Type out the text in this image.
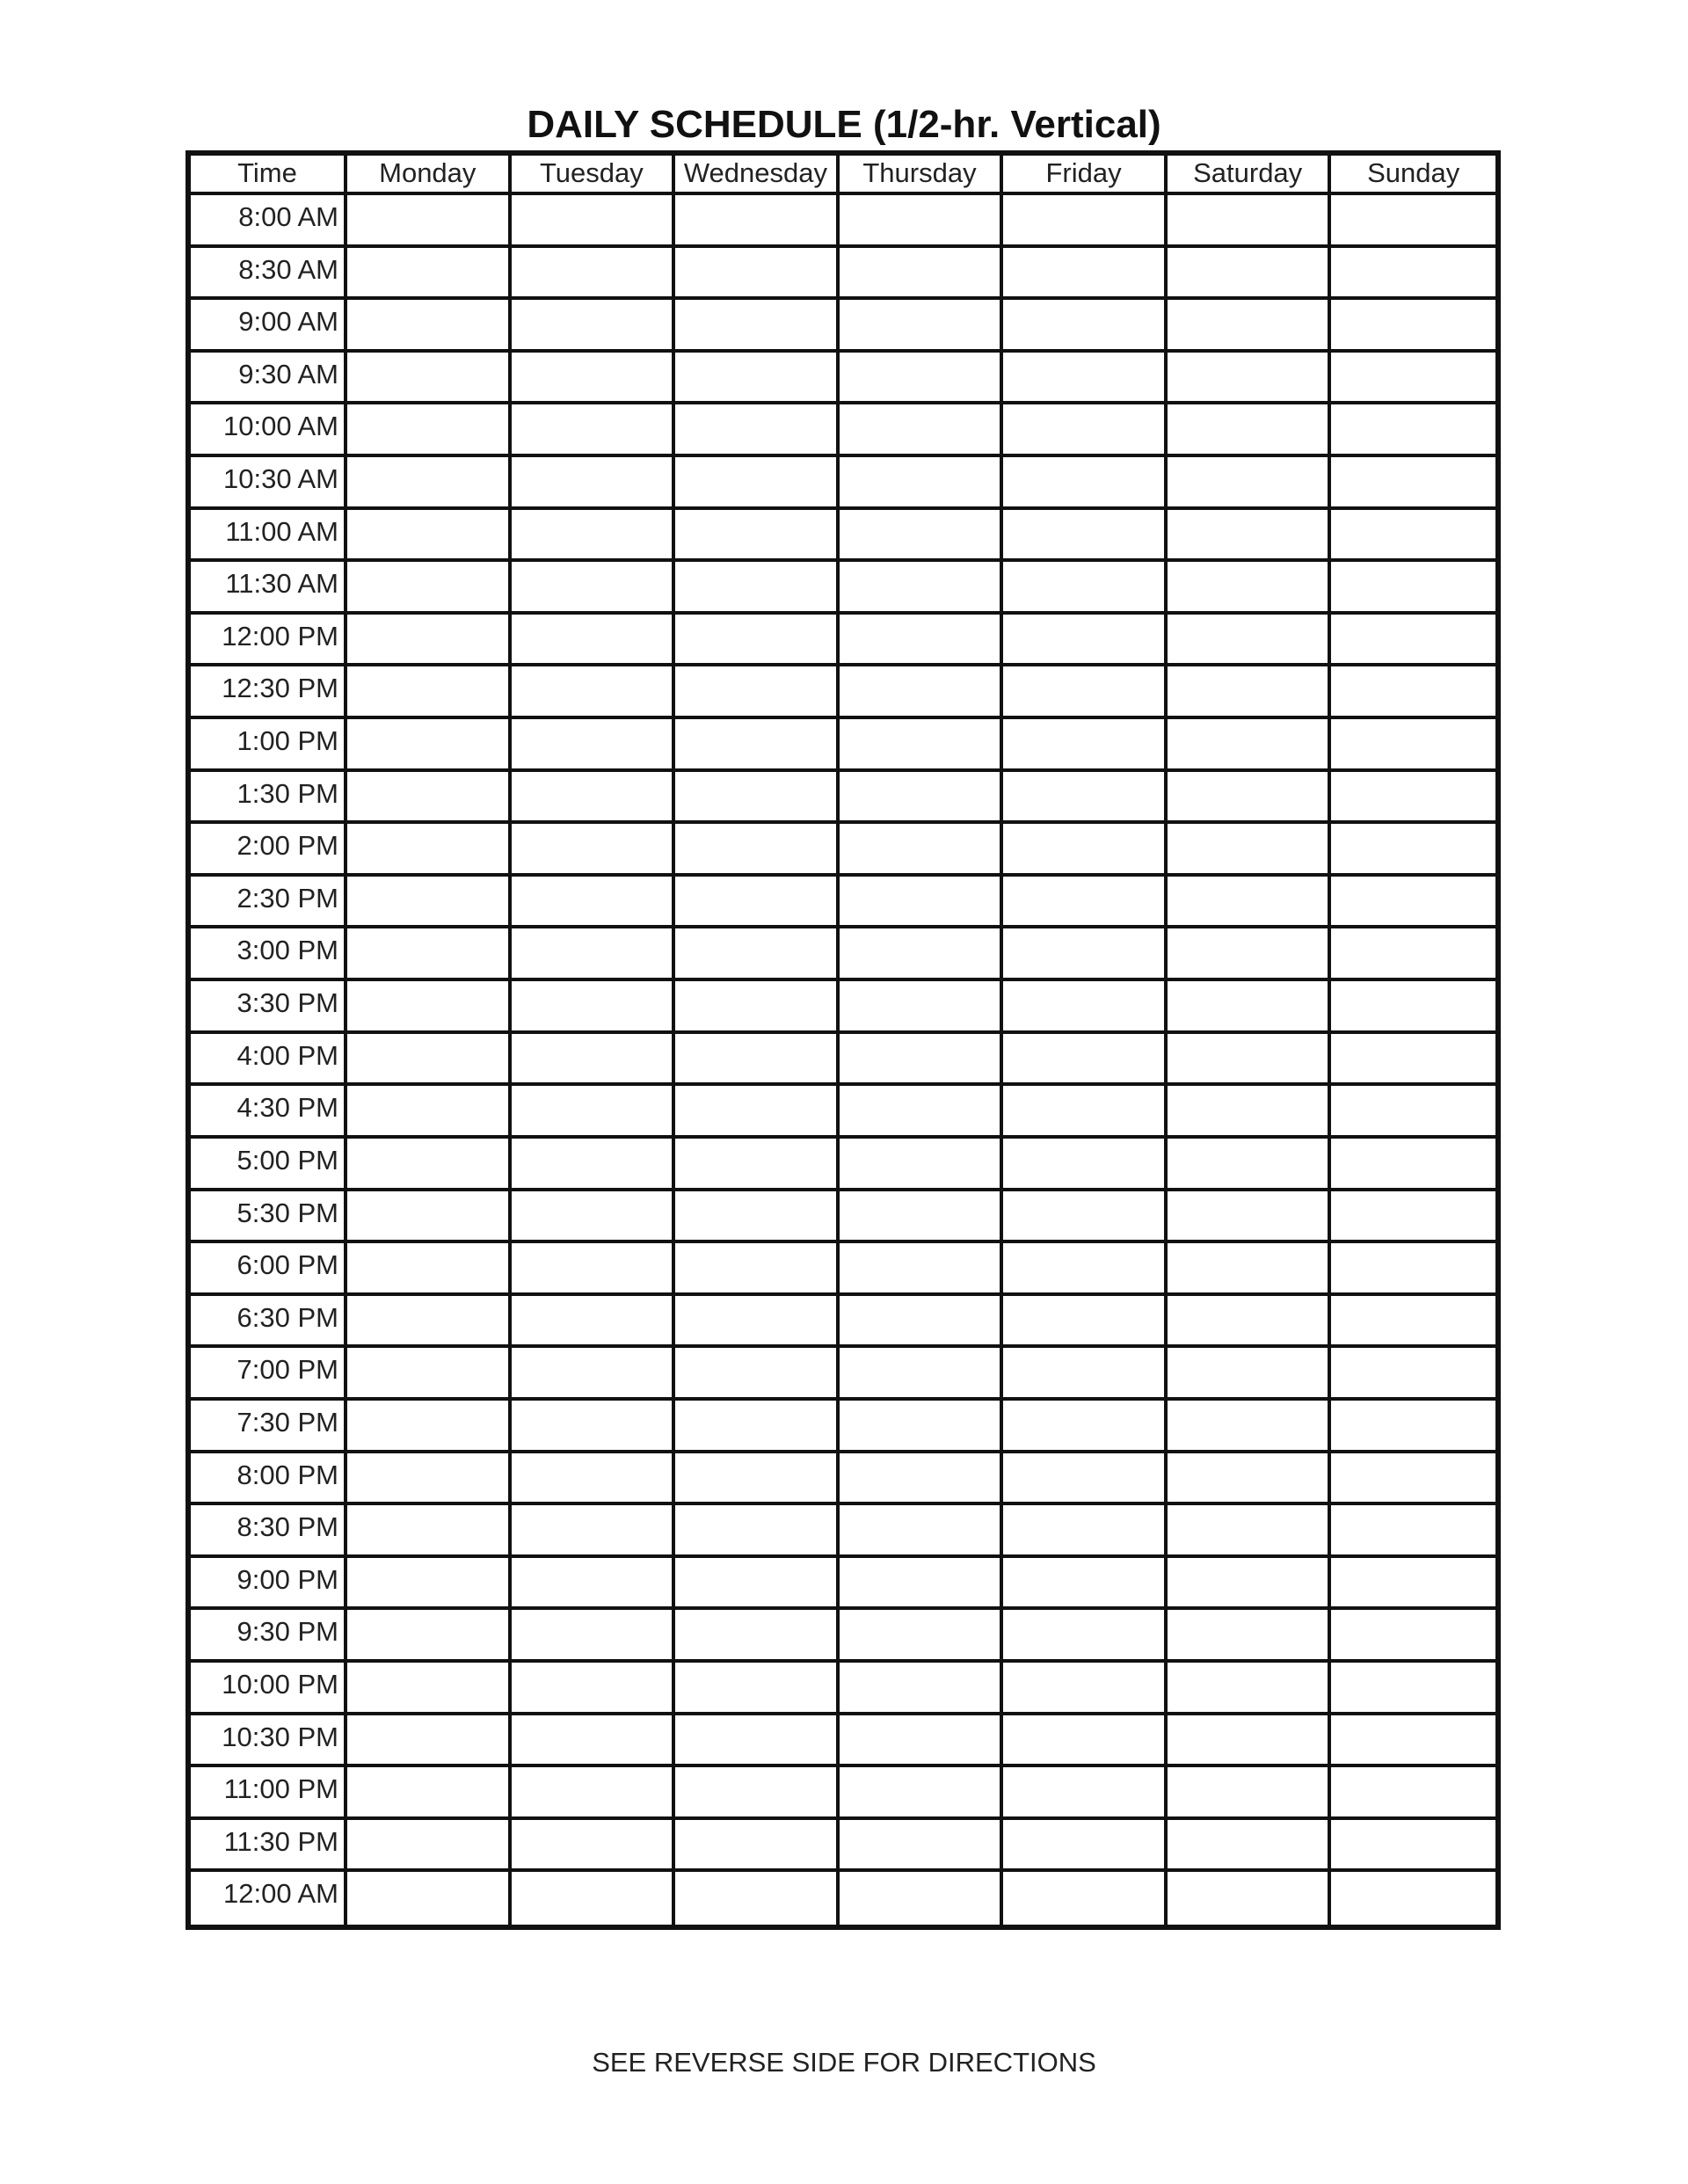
DAILY SCHEDULE (1/2-hr. Vertical)
Time	Monday	Tuesday	Wednesday	Thursday	Friday	Saturday	Sunday
8:00 AM
8:30 AM
9:00 AM
9:30 AM
10:00 AM
10:30 AM
11:00 AM
11:30 AM
12:00 PM
12:30 PM
1:00 PM
1:30 PM
2:00 PM
2:30 PM
3:00 PM
3:30 PM
4:00 PM
4:30 PM
5:00 PM
5:30 PM
6:00 PM
6:30 PM
7:00 PM
7:30 PM
8:00 PM
8:30 PM
9:00 PM
9:30 PM
10:00 PM
10:30 PM
11:00 PM
11:30 PM
12:00 AM
SEE REVERSE SIDE FOR DIRECTIONS
